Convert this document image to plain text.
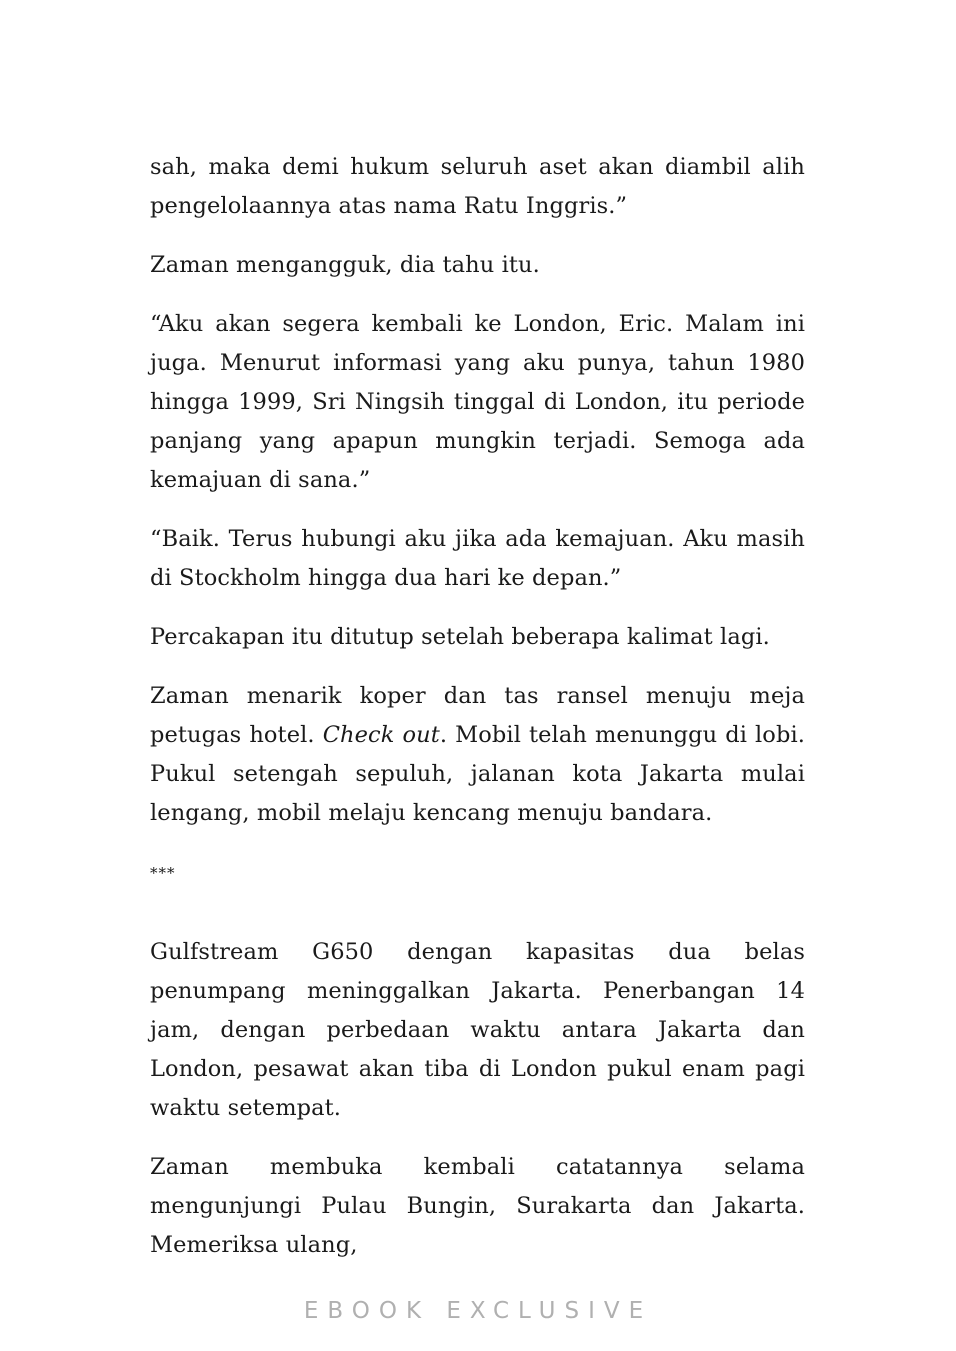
sah, maka demi hukum seluruh aset akan diambil alih pengelolaannya atas nama Ratu Inggris.”

Zaman mengangguk, dia tahu itu.

“Aku akan segera kembali ke London, Eric. Malam ini juga. Menurut informasi yang aku punya, tahun 1980 hingga 1999, Sri Ningsih tinggal di London, itu periode panjang yang apapun mungkin terjadi. Semoga ada kemajuan di sana.”

“Baik. Terus hubungi aku jika ada kemajuan. Aku masih di Stockholm hingga dua hari ke depan.”

Percakapan itu ditutup setelah beberapa kalimat lagi.

Zaman menarik koper dan tas ransel menuju meja petugas hotel. Check out. Mobil telah menunggu di lobi. Pukul setengah sepuluh, jalanan kota Jakarta mulai lengang, mobil melaju kencang menuju bandara.

***

Gulfstream G650 dengan kapasitas dua belas penumpang meninggalkan Jakarta. Penerbangan 14 jam, dengan perbedaan waktu antara Jakarta dan London, pesawat akan tiba di London pukul enam pagi waktu setempat.

Zaman membuka kembali catatannya selama mengunjungi Pulau Bungin, Surakarta dan Jakarta. Memeriksa ulang,

EBOOK EXCLUSIVE
